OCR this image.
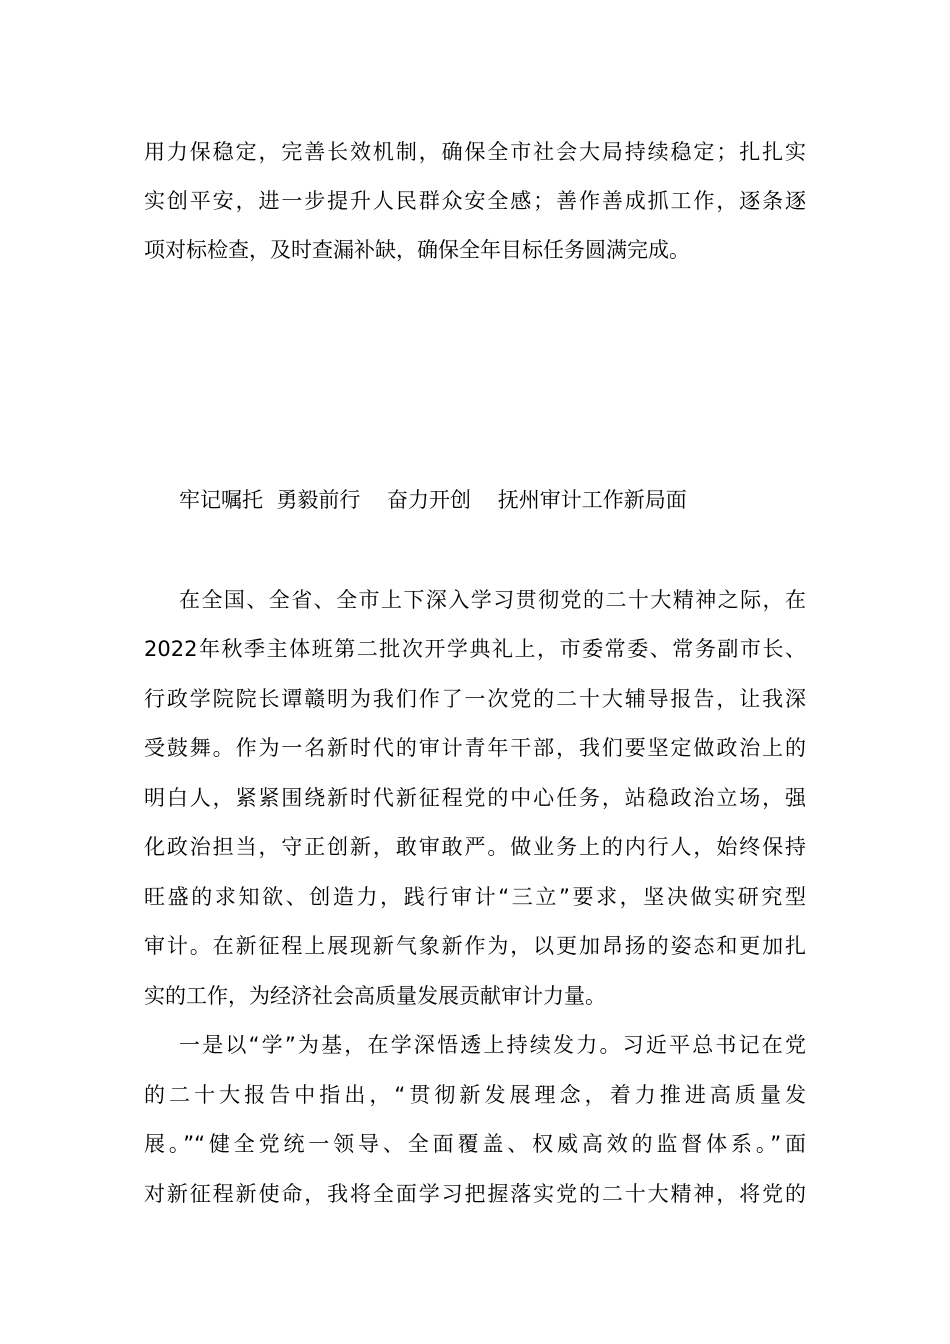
用力保稳定，完善长效机制，确保全市社会大局持续稳定；扎扎实
实创平安，进一步提升人民群众安全感；善作善成抓工作，逐条逐
项对标检查，及时查漏补缺，确保全年目标任务圆满完成。
牢记嘱托  勇毅前行    奋力开创    抚州审计工作新局面
在全国、全省、全市上下深入学习贯彻党的二十大精神之际，在
2022年秋季主体班第二批次开学典礼上，市委常委、常务副市长、
行政学院院长谭赣明为我们作了一次党的二十大辅导报告，让我深
受鼓舞。作为一名新时代的审计青年干部，我们要坚定做政治上的
明白人，紧紧围绕新时代新征程党的中心任务，站稳政治立场，强
化政治担当，守正创新，敢审敢严。做业务上的内行人，始终保持
旺盛的求知欲、创造力，践行审计“三立”要求，坚决做实研究型
审计。在新征程上展现新气象新作为，以更加昂扬的姿态和更加扎
实的工作，为经济社会高质量发展贡献审计力量。
一是以“学”为基，在学深悟透上持续发力。习近平总书记在党
的二十大报告中指出，“贯彻新发展理念，着力推进高质量发
展。”“健全党统一领导、全面覆盖、权威高效的监督体系。”面
对新征程新使命，我将全面学习把握落实党的二十大精神，将党的
